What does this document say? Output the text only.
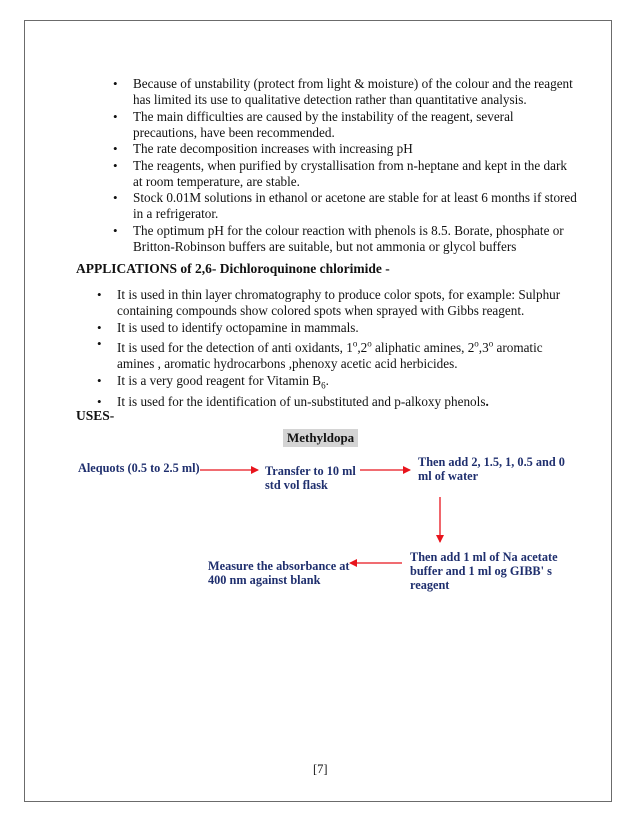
• Because of unstability (protect from light & moisture) of the colour and the reagent has limited its use to qualitative detection rather than quantitative analysis.
• The main difficulties are caused by the instability of the reagent, several precautions, have been recommended.
• The rate decomposition increases with increasing pH
• The reagents, when purified by crystallisation from n-heptane and kept in the dark at room temperature, are stable.
• Stock 0.01M solutions in ethanol or acetone are stable for at least 6 months if stored in a refrigerator.
• The optimum pH for the colour reaction with phenols is 8.5. Borate, phosphate or Britton-Robinson buffers are suitable, but not ammonia or glycol buffers
APPLICATIONS of 2,6- Dichloroquinone chlorimide -
• It is used in thin layer chromatography to produce color spots, for example: Sulphur containing compounds show colored spots when sprayed with Gibbs reagent.
• It is used to identify octopamine in mammals.
• It is used for the detection of anti oxidants, 1$^o$,2$^o$ aliphatic amines, 2$^o$,3$^o$ aromatic amines , aromatic hydrocarbons ,phenoxy acetic acid herbicides.
• It is a very good reagent for Vitamin $B_6$.
• It is used for the identification of un-substituted and p-alkoxy phenols.
USES-
Methyldopa
Alequots (0.5 to 2.5 ml)	Transfer to 10 ml std vol flask
Then add 2, 1.5, 1, 0.5 and 0 ml of water
Then add 1 ml of Na acetate buffer and 1 ml og GIBB' s reagent
Measure the absorbance at 400 nm against blank
[7]
